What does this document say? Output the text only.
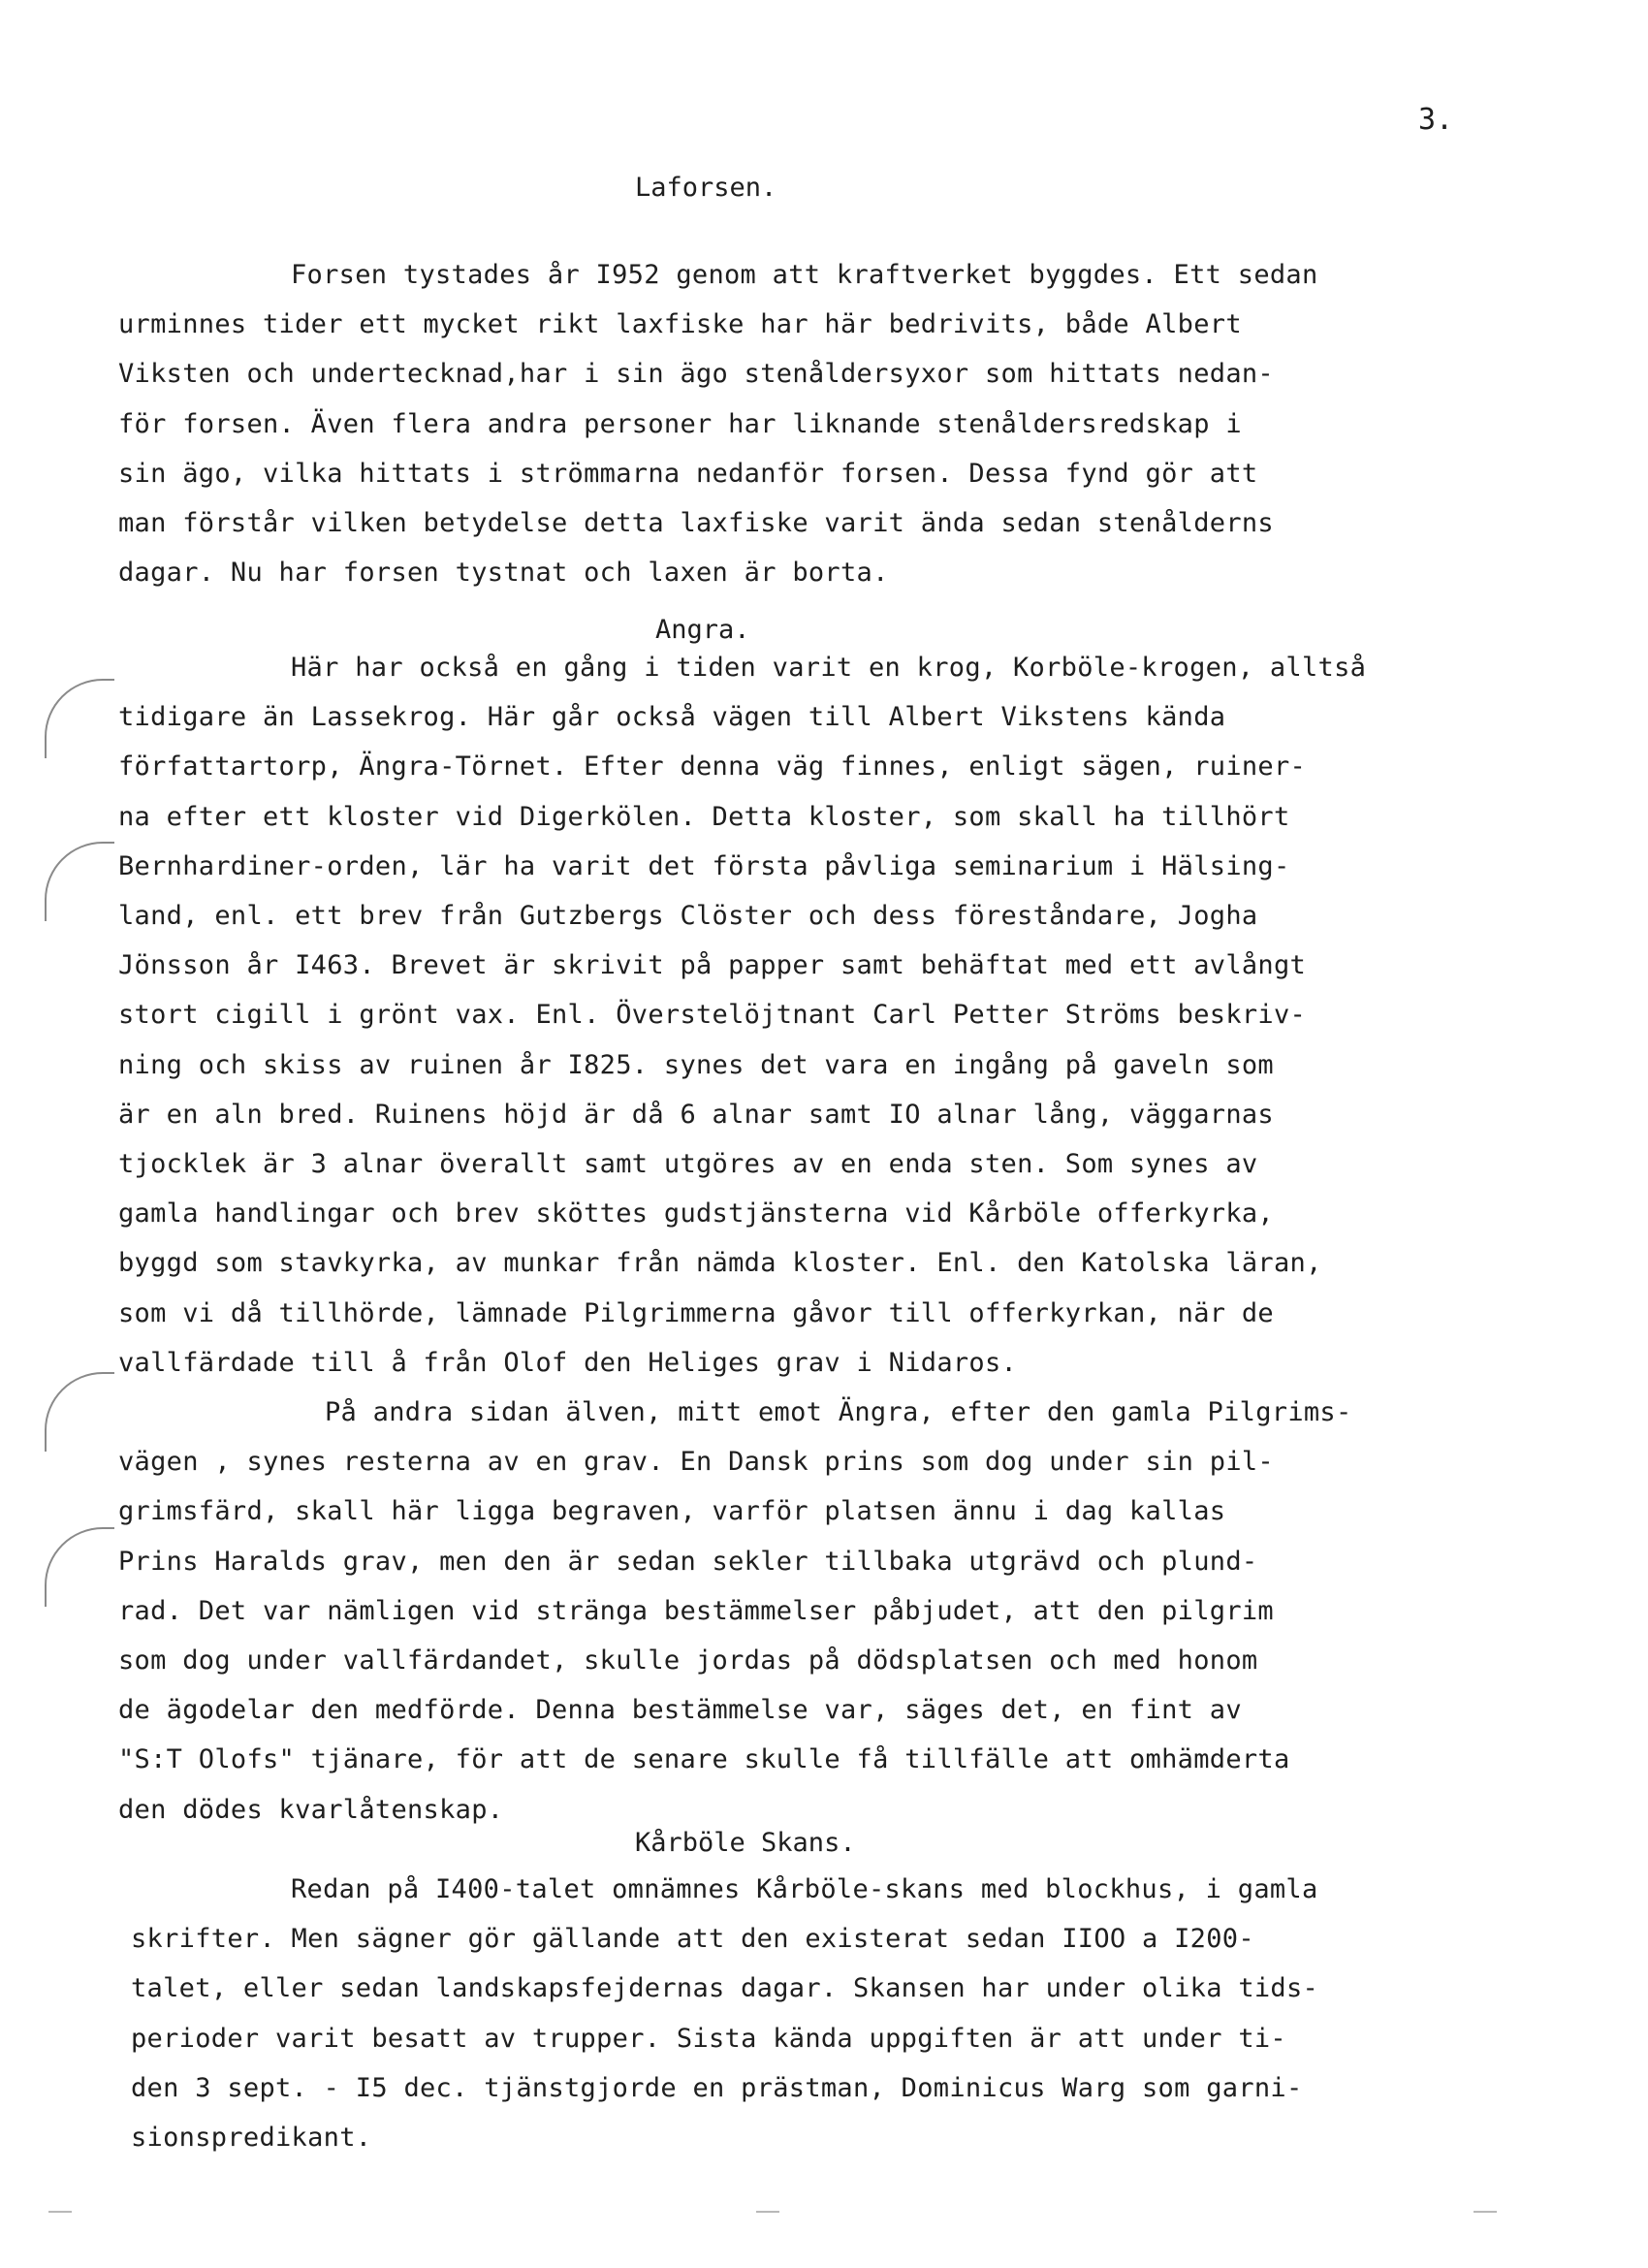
3.
Laforsen.
Forsen tystades år I952 genom att kraftverket byggdes. Ett sedan
urminnes tider ett mycket rikt laxfiske har här bedrivits, både Albert
Viksten och undertecknad,har i sin ägo stenåldersyxor som hittats nedan-
för forsen. Även flera andra personer har liknande stenåldersredskap i
sin ägo, vilka hittats i strömmarna nedanför forsen. Dessa fynd gör att
man förstår vilken betydelse detta laxfiske varit ända sedan stenålderns
dagar. Nu har forsen tystnat och laxen är borta.
Angra.
Här har också en gång i tiden varit en krog, Korböle-krogen, alltså
tidigare än Lassekrog. Här går också vägen till Albert Vikstens kända
författartorp, Ängra-Törnet. Efter denna väg finnes, enligt sägen, ruiner-
na efter ett kloster vid Digerkölen. Detta kloster, som skall ha tillhört
Bernhardiner-orden, lär ha varit det första påvliga seminarium i Hälsing-
land, enl. ett brev från Gutzbergs Clöster och dess föreståndare, Jogha
Jönsson år I463. Brevet är skrivit på papper samt behäftat med ett avlångt
stort cigill i grönt vax. Enl. Överstelöjtnant Carl Petter Ströms beskriv-
ning och skiss av ruinen år I825. synes det vara en ingång på gaveln som
är en aln bred. Ruinens höjd är då 6 alnar samt IO alnar lång, väggarnas
tjocklek är 3 alnar överallt samt utgöres av en enda sten. Som synes av
gamla handlingar och brev sköttes gudstjänsterna vid Kårböle offerkyrka,
byggd som stavkyrka, av munkar från nämda kloster. Enl. den Katolska läran,
som vi då tillhörde, lämnade Pilgrimmerna gåvor till offerkyrkan, när de
vallfärdade till å från Olof den Heliges grav i Nidaros.
På andra sidan älven, mitt emot Ängra, efter den gamla Pilgrims-
vägen , synes resterna av en grav. En Dansk prins som dog under sin pil-
grimsfärd, skall här ligga begraven, varför platsen ännu i dag kallas
Prins Haralds grav, men den är sedan sekler tillbaka utgrävd och plund-
rad. Det var nämligen vid stränga bestämmelser påbjudet, att den pilgrim
som dog under vallfärdandet, skulle jordas på dödsplatsen och med honom
de ägodelar den medförde. Denna bestämmelse var, säges det, en fint av
"S:T Olofs" tjänare, för att de senare skulle få tillfälle att omhämderta
den dödes kvarlåtenskap.
Kårböle Skans.
Redan på I400-talet omnämnes Kårböle-skans med blockhus, i gamla
skrifter. Men sägner gör gällande att den existerat sedan IIOO a I200-
talet, eller sedan landskapsfejdernas dagar. Skansen har under olika tids-
perioder varit besatt av trupper. Sista kända uppgiften är att under ti-
den 3 sept. - I5 dec. tjänstgjorde en prästman, Dominicus Warg som garni-
sionspredikant.
